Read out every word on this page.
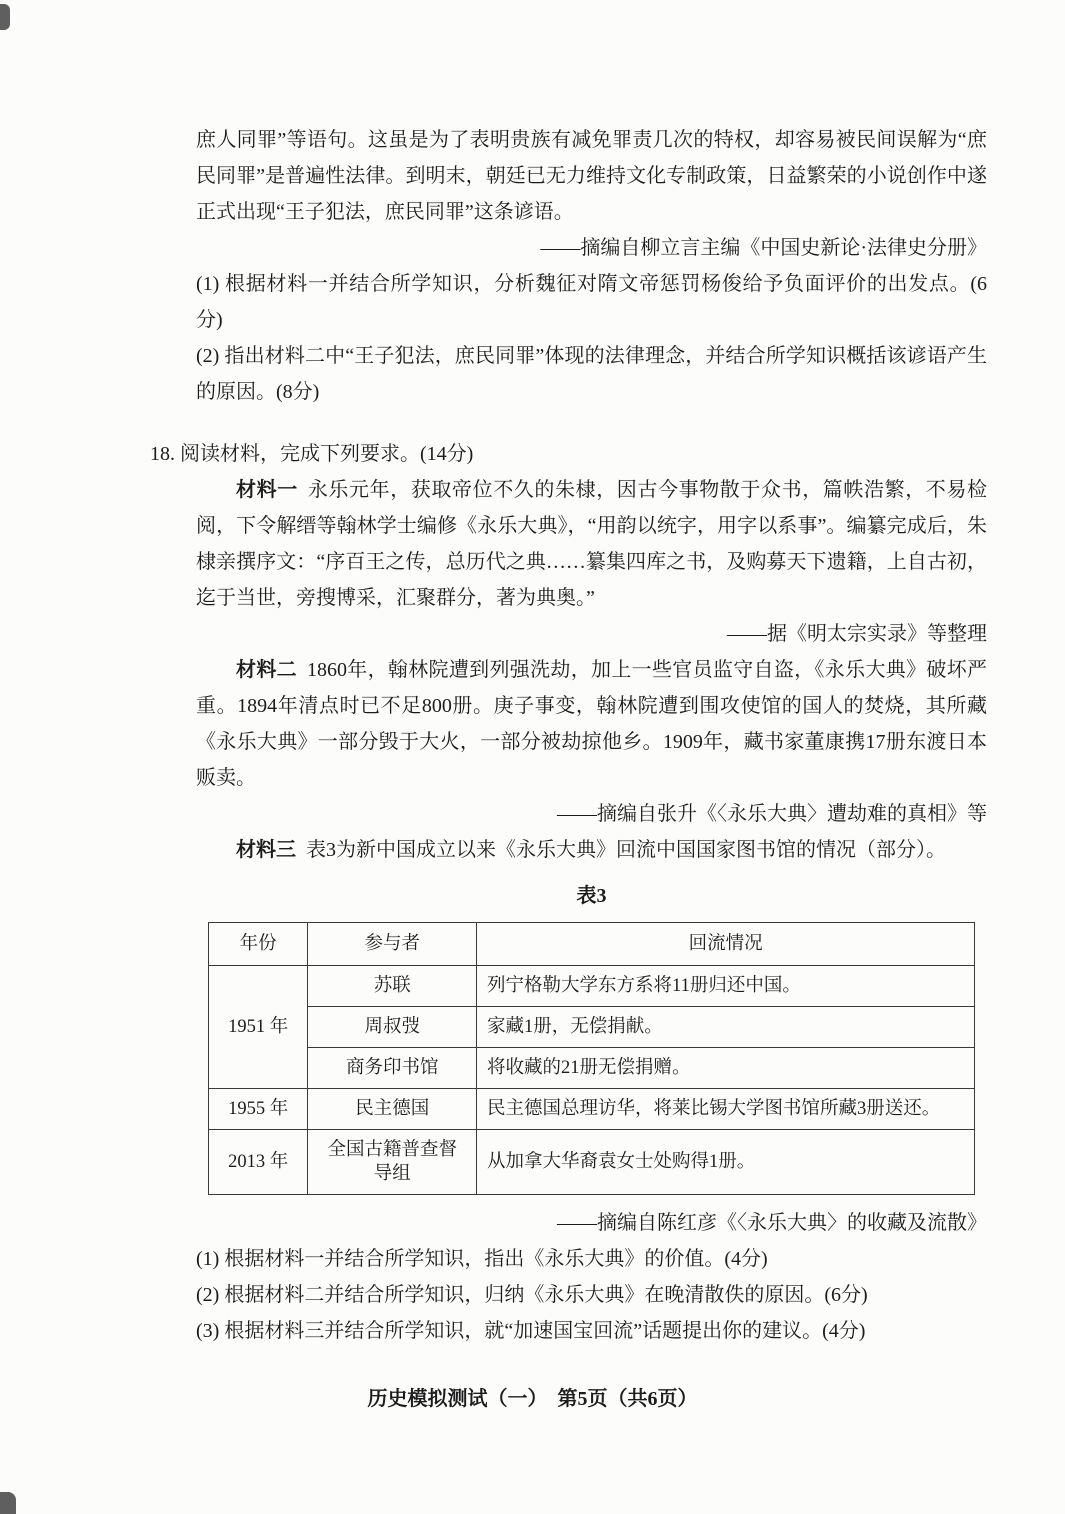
庶人同罪”等语句。这虽是为了表明贵族有减免罪责几次的特权，却容易被民间误解为“庶民同罪”是普遍性法律。到明末，朝廷已无力维持文化专制政策，日益繁荣的小说创作中遂正式出现“王子犯法，庶民同罪”这条谚语。

——摘编自柳立言主编《中国史新论·法律史分册》

(1) 根据材料一并结合所学知识，分析魏征对隋文帝惩罚杨俊给予负面评价的出发点。(6分)

(2) 指出材料二中“王子犯法，庶民同罪”体现的法律理念，并结合所学知识概括该谚语产生的原因。(8分)

18. 阅读材料，完成下列要求。(14分)

材料一 永乐元年，获取帝位不久的朱棣，因古今事物散于众书，篇帙浩繁，不易检阅，下令解缙等翰林学士编修《永乐大典》，“用韵以统字，用字以系事”。编纂完成后，朱棣亲撰序文：“序百王之传，总历代之典……纂集四库之书，及购募天下遗籍，上自古初，迄于当世，旁搜博采，汇聚群分，著为典奥。”

——据《明太宗实录》等整理

材料二 1860年，翰林院遭到列强洗劫，加上一些官员监守自盗，《永乐大典》破坏严重。1894年清点时已不足800册。庚子事变，翰林院遭到围攻使馆的国人的焚烧，其所藏《永乐大典》一部分毁于大火，一部分被劫掠他乡。1909年，藏书家董康携17册东渡日本贩卖。

——摘编自张升《〈永乐大典〉遭劫难的真相》等

材料三 表3为新中国成立以来《永乐大典》回流中国国家图书馆的情况（部分）。

表3

年份	参与者	回流情况
1951 年	苏联	列宁格勒大学东方系将11册归还中国。
	周叔弢	家藏1册，无偿捐献。
	商务印书馆	将收藏的21册无偿捐赠。
1955 年	民主德国	民主德国总理访华，将莱比锡大学图书馆所藏3册送还。
2013 年	全国古籍普查督导组	从加拿大华裔袁女士处购得1册。

——摘编自陈红彦《〈永乐大典〉的收藏及流散》

(1) 根据材料一并结合所学知识，指出《永乐大典》的价值。(4分)

(2) 根据材料二并结合所学知识，归纳《永乐大典》在晚清散佚的原因。(6分)

(3) 根据材料三并结合所学知识，就“加速国宝回流”话题提出你的建议。(4分)

历史模拟测试（一）　第5页（共6页）
